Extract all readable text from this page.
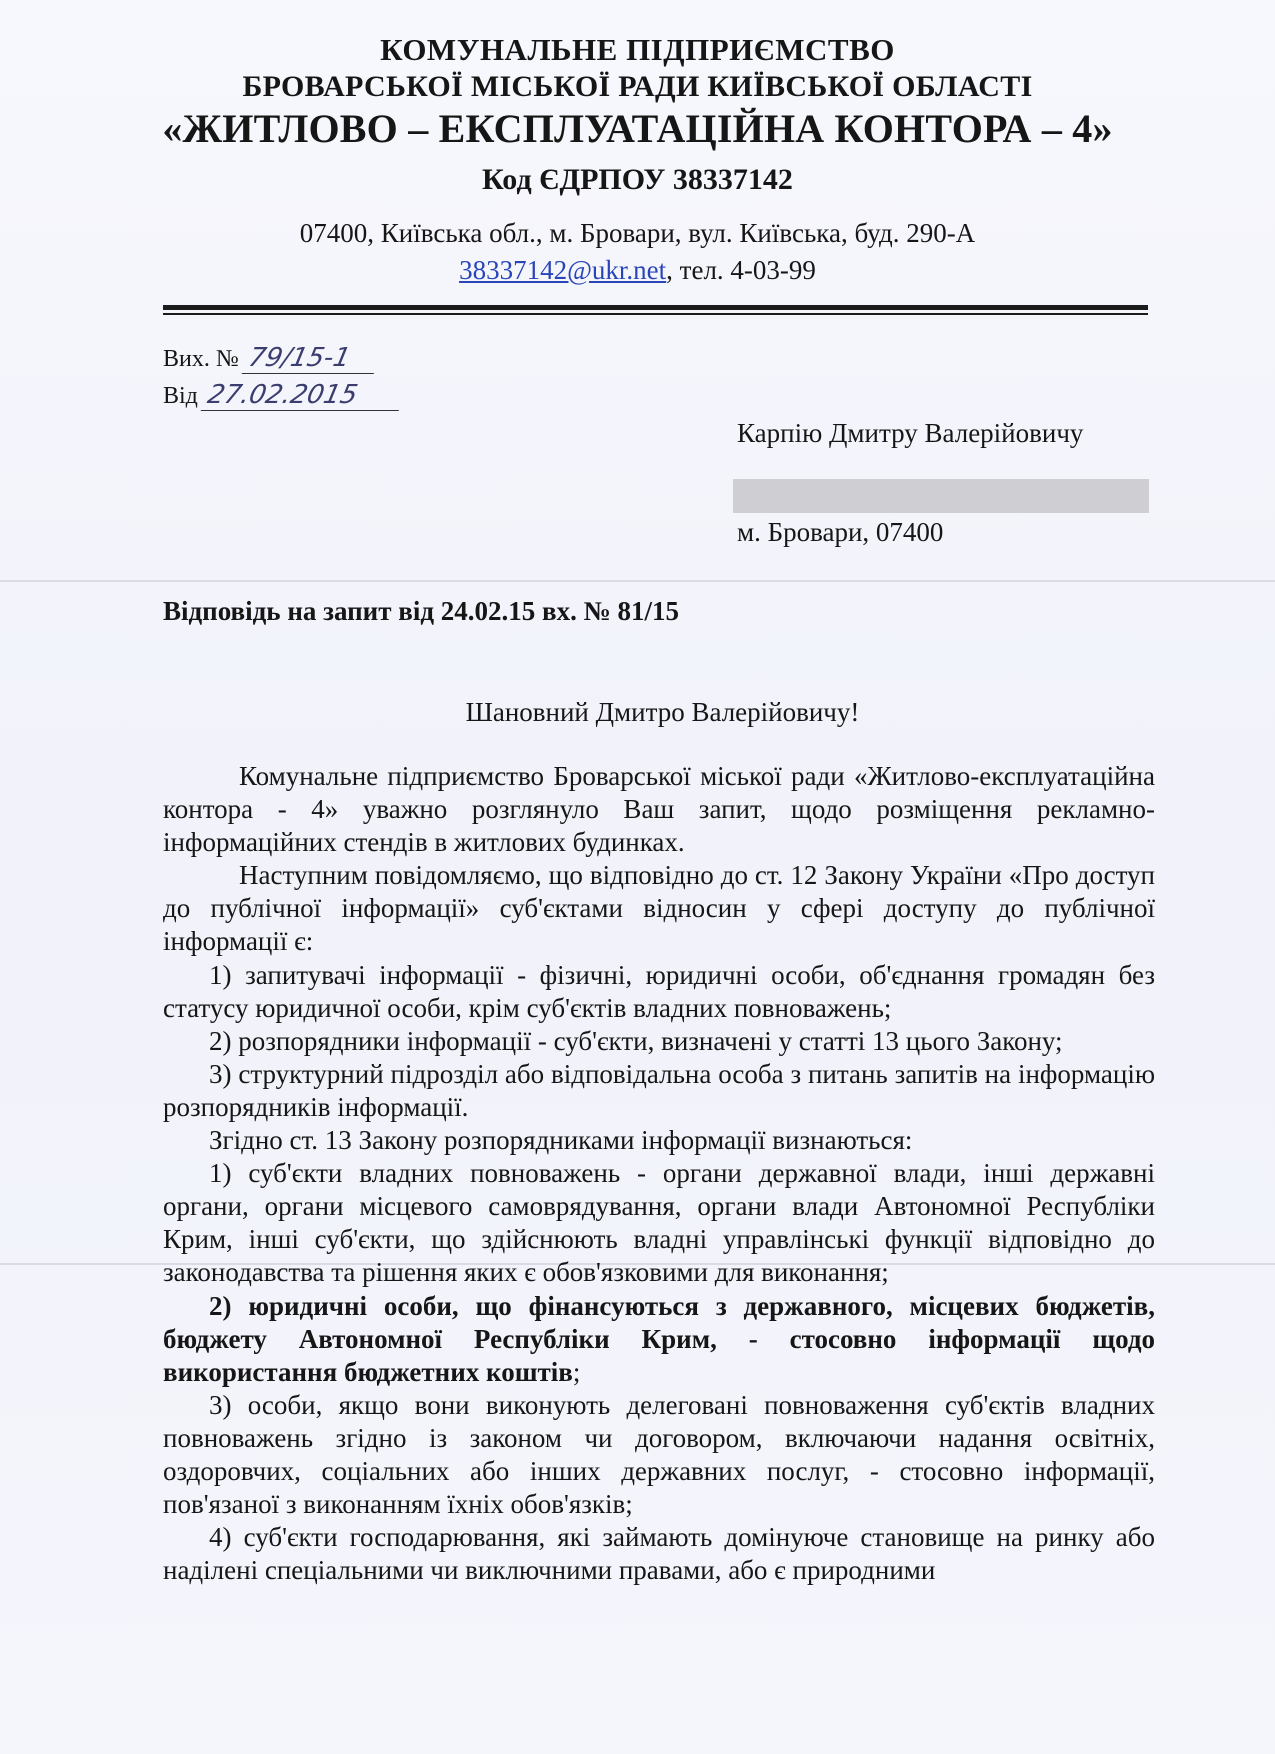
КОМУНАЛЬНЕ ПІДПРИЄМСТВО
БРОВАРСЬКОЇ МІСЬКОЇ РАДИ КИЇВСЬКОЇ ОБЛАСТІ
«ЖИТЛОВО – ЕКСПЛУАТАЦІЙНА КОНТОРА – 4»
Код ЄДРПОУ 38337142
07400, Київська обл., м. Бровари, вул. Київська, буд. 290-А
38337142@ukr.net, тел. 4-03-99
Вих. № 79/15-1
Від 27.02.2015
Карпію Дмитру Валерійовичу
м. Бровари, 07400
Відповідь на запит від 24.02.15 вх. № 81/15
Шановний Дмитро Валерійовичу!

Комунальне підприємство Броварської міської ради «Житлово-експлуатаційна контора - 4» уважно розглянуло Ваш запит, щодо розміщення рекламно-інформаційних стендів в житлових будинках.

Наступним повідомляємо, що відповідно до ст. 12 Закону України «Про доступ до публічної інформації» суб'єктами відносин у сфері доступу до публічної інформації є:

1) запитувачі інформації - фізичні, юридичні особи, об'єднання громадян без статусу юридичної особи, крім суб'єктів владних повноважень;

2) розпорядники інформації - суб'єкти, визначені у статті 13 цього Закону;

3) структурний підрозділ або відповідальна особа з питань запитів на інформацію розпорядників інформації.

Згідно ст. 13 Закону розпорядниками інформації визнаються:

1) суб'єкти владних повноважень - органи державної влади, інші державні органи, органи місцевого самоврядування, органи влади Автономної Республіки Крим, інші суб'єкти, що здійснюють владні управлінські функції відповідно до законодавства та рішення яких є обов'язковими для виконання;

2) юридичні особи, що фінансуються з державного, місцевих бюджетів, бюджету Автономної Республіки Крим, - стосовно інформації щодо використання бюджетних коштів;

3) особи, якщо вони виконують делеговані повноваження суб'єктів владних повноважень згідно із законом чи договором, включаючи надання освітніх, оздоровчих, соціальних або інших державних послуг, - стосовно інформації, пов'язаної з виконанням їхніх обов'язків;

4) суб'єкти господарювання, які займають домінуюче становище на ринку або наділені спеціальними чи виключними правами, або є природними
